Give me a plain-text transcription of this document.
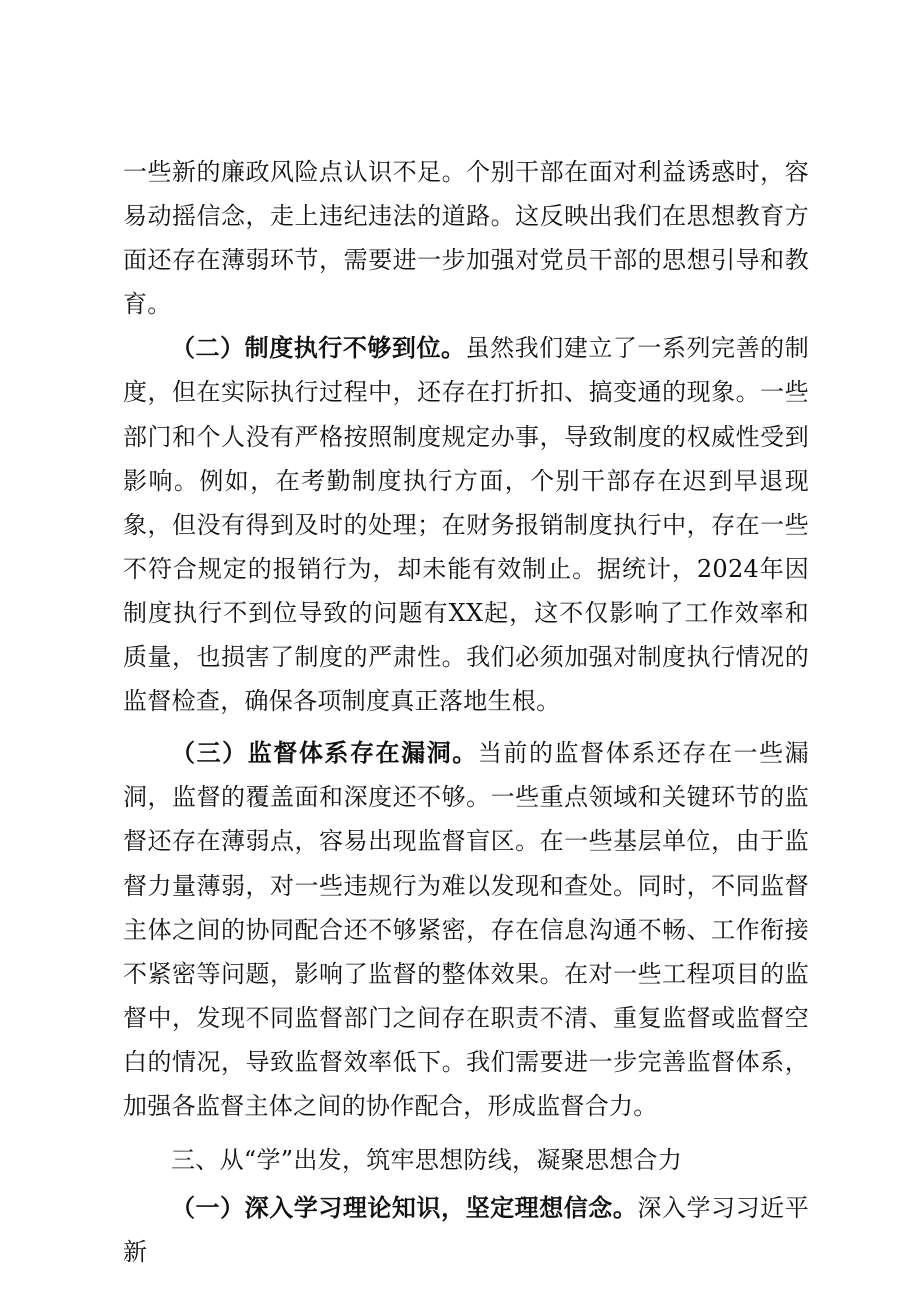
一些新的廉政风险点认识不足。个别干部在面对利益诱惑时，容易动摇信念，走上违纪违法的道路。这反映出我们在思想教育方面还存在薄弱环节，需要进一步加强对党员干部的思想引导和教育。

（二）制度执行不够到位。虽然我们建立了一系列完善的制度，但在实际执行过程中，还存在打折扣、搞变通的现象。一些部门和个人没有严格按照制度规定办事，导致制度的权威性受到影响。例如，在考勤制度执行方面，个别干部存在迟到早退现象，但没有得到及时的处理；在财务报销制度执行中，存在一些不符合规定的报销行为，却未能有效制止。据统计，2024年因制度执行不到位导致的问题有XX起，这不仅影响了工作效率和质量，也损害了制度的严肃性。我们必须加强对制度执行情况的监督检查，确保各项制度真正落地生根。

（三）监督体系存在漏洞。当前的监督体系还存在一些漏洞，监督的覆盖面和深度还不够。一些重点领域和关键环节的监督还存在薄弱点，容易出现监督盲区。在一些基层单位，由于监督力量薄弱，对一些违规行为难以发现和查处。同时，不同监督主体之间的协同配合还不够紧密，存在信息沟通不畅、工作衔接不紧密等问题，影响了监督的整体效果。在对一些工程项目的监督中，发现不同监督部门之间存在职责不清、重复监督或监督空白的情况，导致监督效率低下。我们需要进一步完善监督体系，加强各监督主体之间的协作配合，形成监督合力。

三、从“学”出发，筑牢思想防线，凝聚思想合力

（一）深入学习理论知识，坚定理想信念。深入学习习近平新
